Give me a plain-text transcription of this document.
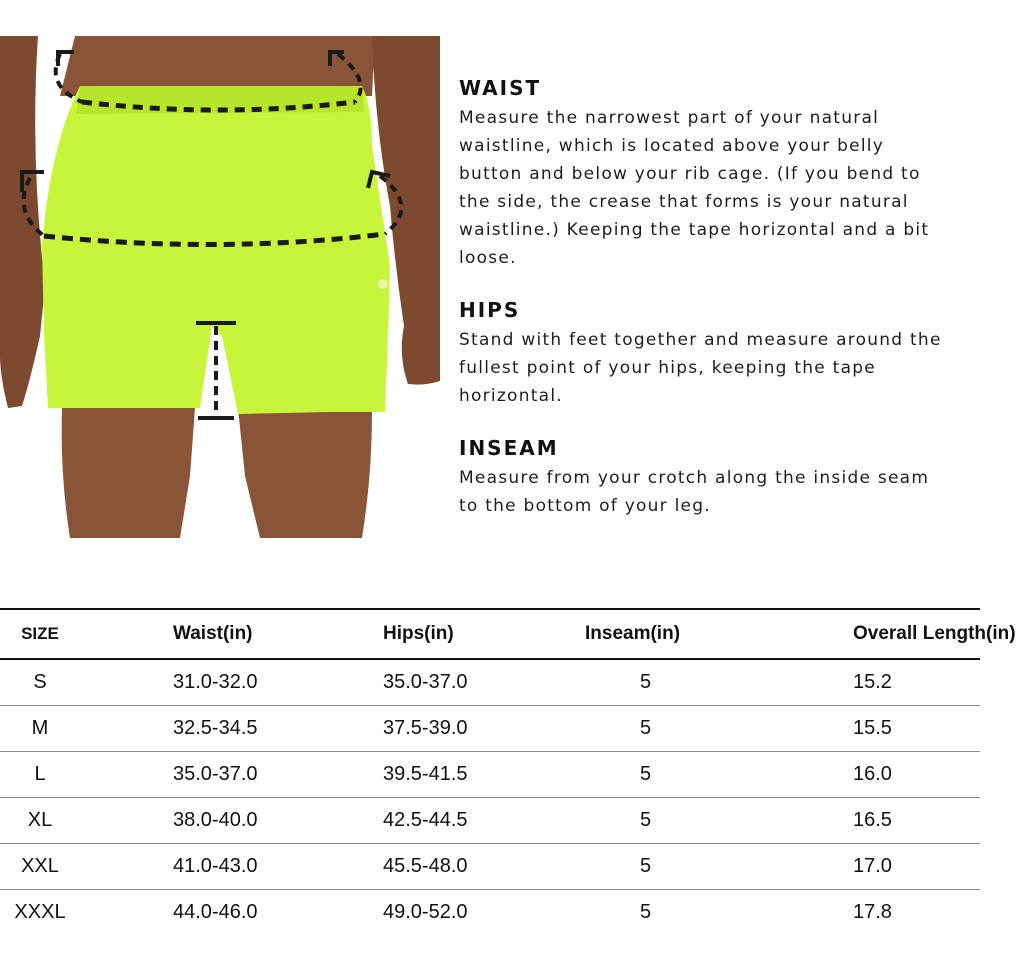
WAIST

Measure the narrowest part of your natural waistline, which is located above your belly button and below your rib cage. (If you bend to the side, the crease that forms is your natural waistline.) Keeping the tape horizontal and a bit loose.

HIPS

Stand with feet together and measure around the fullest point of your hips, keeping the tape horizontal.

INSEAM

Measure from your crotch along the inside seam to the bottom of your leg.

SIZE	Waist(in)	Hips(in)	Inseam(in)	Overall Length(in)
S	31.0-32.0	35.0-37.0	5	15.2
M	32.5-34.5	37.5-39.0	5	15.5
L	35.0-37.0	39.5-41.5	5	16.0
XL	38.0-40.0	42.5-44.5	5	16.5
XXL	41.0-43.0	45.5-48.0	5	17.0
XXXL	44.0-46.0	49.0-52.0	5	17.8
